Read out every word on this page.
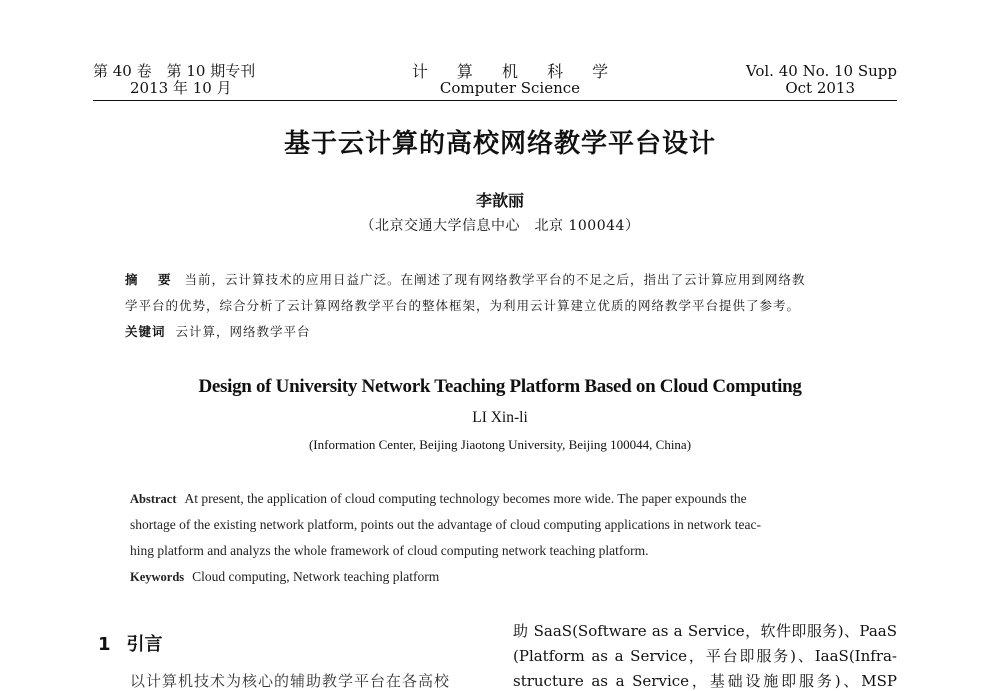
第 40 卷　第 10 期专刊
2013 年 10 月
计 算 机 科 学
Computer Science
Vol. 40 No. 10 Supp
Oct 2013
基于云计算的高校网络教学平台设计
李歆丽
（北京交通大学信息中心　北京 100044）
摘　要 当前，云计算技术的应用日益广泛。在阐述了现有网络教学平台的不足之后，指出了云计算应用到网络教
学平台的优势，综合分析了云计算网络教学平台的整体框架，为利用云计算建立优质的网络教学平台提供了参考。
关键词 云计算，网络教学平台
Design of University Network Teaching Platform Based on Cloud Computing
LI Xin-li
(Information Center, Beijing Jiaotong University, Beijing 100044, China)
Abstract At present, the application of cloud computing technology becomes more wide. The paper expounds the
shortage of the existing network platform, points out the advantage of cloud computing applications in network teac-
hing platform and analyzs the whole framework of cloud computing network teaching platform.
Keywords Cloud computing, Network teaching platform
1 引言
以计算机技术为核心的辅助教学平台在各高校
助 SaaS(Software as a Service，软件即服务)、PaaS
(Platform as a Service，平台即服务)、IaaS(Infra-
structure as a Service，基础设施即服务)、MSP
